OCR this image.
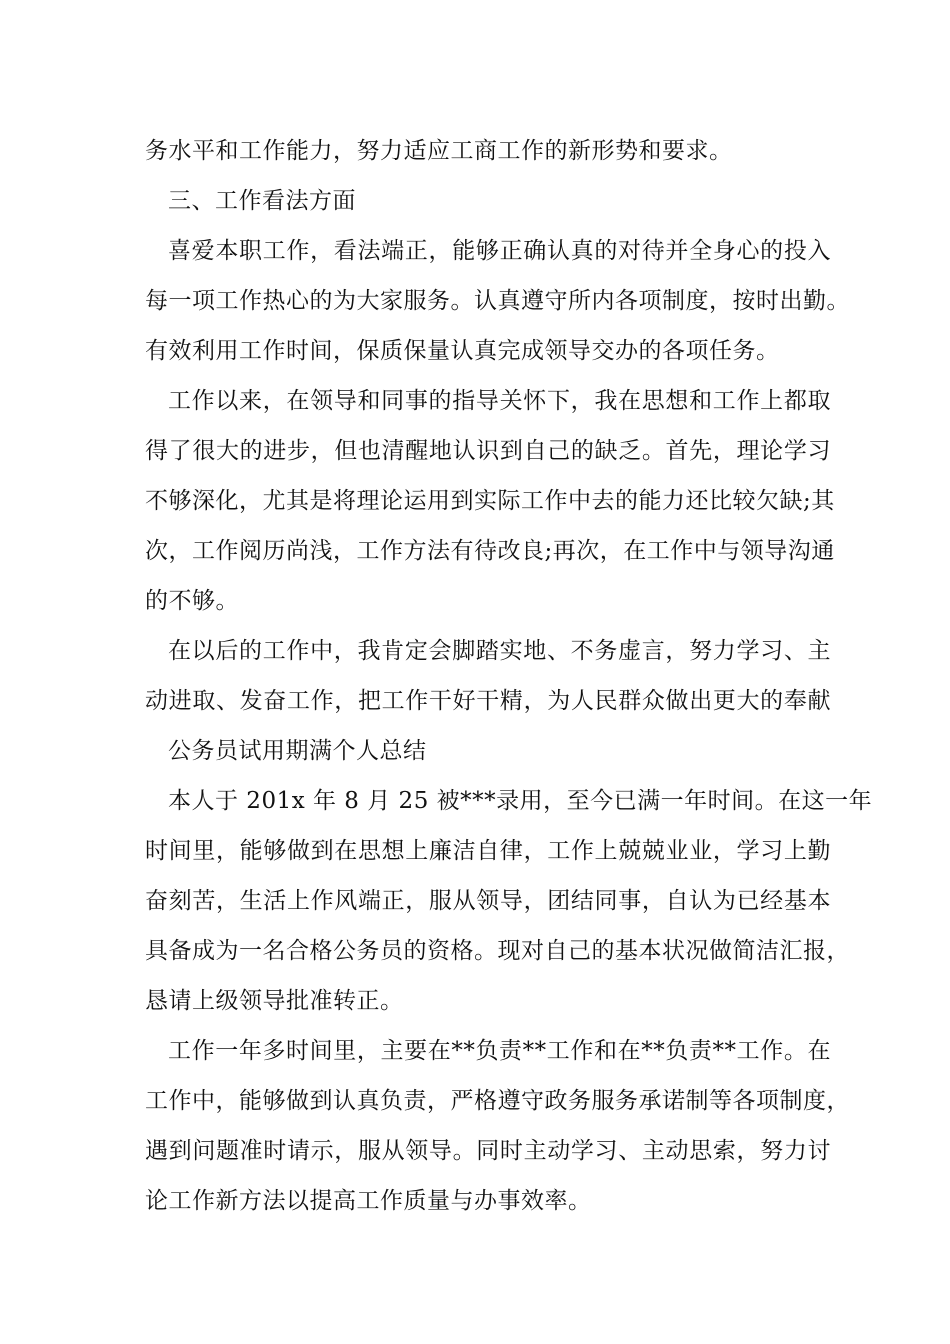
务水平和工作能力，努力适应工商工作的新形势和要求。
三、工作看法方面
喜爱本职工作，看法端正，能够正确认真的对待并全身心的投入
每一项工作热心的为大家服务。认真遵守所内各项制度，按时出勤。
有效利用工作时间，保质保量认真完成领导交办的各项任务。
工作以来，在领导和同事的指导关怀下，我在思想和工作上都取
得了很大的进步，但也清醒地认识到自己的缺乏。首先，理论学习
不够深化，尤其是将理论运用到实际工作中去的能力还比较欠缺;其
次，工作阅历尚浅，工作方法有待改良;再次，在工作中与领导沟通
的不够。
在以后的工作中，我肯定会脚踏实地、不务虚言，努力学习、主
动进取、发奋工作，把工作干好干精，为人民群众做出更大的奉献
公务员试用期满个人总结
本人于 201x 年 8 月 25 被***录用，至今已满一年时间。在这一年
时间里，能够做到在思想上廉洁自律，工作上兢兢业业，学习上勤
奋刻苦，生活上作风端正，服从领导，团结同事，自认为已经基本
具备成为一名合格公务员的资格。现对自己的基本状况做简洁汇报，
恳请上级领导批准转正。
工作一年多时间里，主要在**负责**工作和在**负责**工作。在
工作中，能够做到认真负责，严格遵守政务服务承诺制等各项制度，
遇到问题准时请示，服从领导。同时主动学习、主动思索，努力讨
论工作新方法以提高工作质量与办事效率。
